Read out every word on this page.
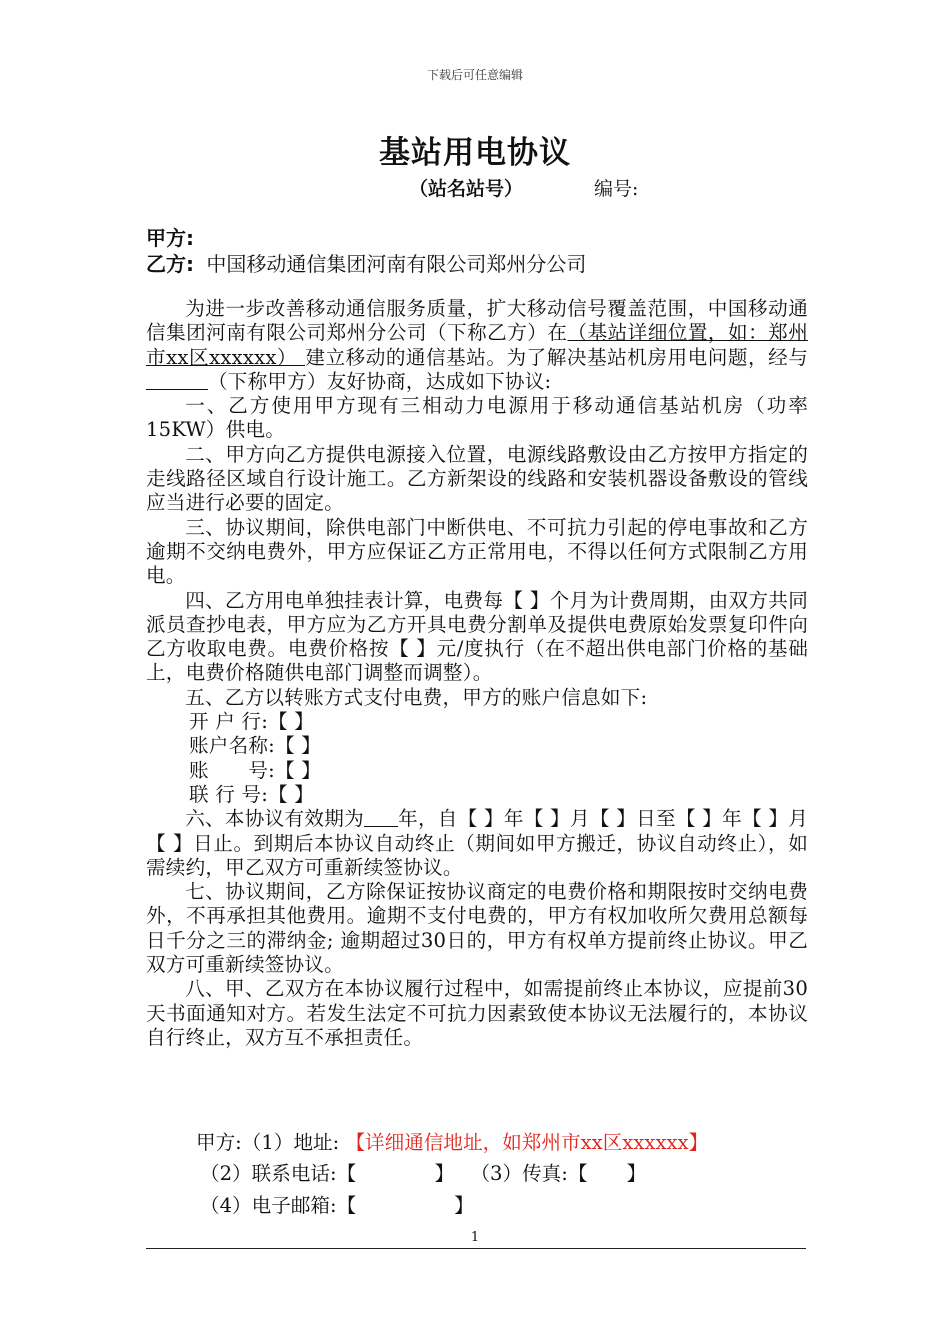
下载后可任意编辑
基站用电协议
（站名站号）	编号:
甲方:
乙方: 中国移动通信集团河南有限公司郑州分公司

为进一步改善移动通信服务质量，扩大移动信号覆盖范围，中国移动通信集团河南有限公司郑州分公司（下称乙方）在（基站详细位置，如：郑州市xx区xxxxxx） 建立移动的通信基站。为了解决基站机房用电问题，经与（下称甲方）友好协商，达成如下协议:

一、乙方使用甲方现有三相动力电源用于移动通信基站机房（功率15KW）供电。

二、甲方向乙方提供电源接入位置，电源线路敷设由乙方按甲方指定的走线路径区域自行设计施工。乙方新架设的线路和安装机器设备敷设的管线应当进行必要的固定。

三、协议期间，除供电部门中断供电、不可抗力引起的停电事故和乙方逾期不交纳电费外，甲方应保证乙方正常用电，不得以任何方式限制乙方用电。

四、乙方用电单独挂表计算，电费每【 】个月为计费周期，由双方共同派员查抄电表，甲方应为乙方开具电费分割单及提供电费原始发票复印件向乙方收取电费。电费价格按【 】元/度执行（在不超出供电部门价格的基础上，电费价格随供电部门调整而调整）。

五、乙方以转账方式支付电费，甲方的账户信息如下:

开 户 行:【 】

账户名称:【 】

账　　号:【 】

联 行 号:【 】

六、本协议有效期为 年，自【 】年【 】月【 】日至【 】年【 】月【 】日止。到期后本协议自动终止（期间如甲方搬迁，协议自动终止），如需续约，甲乙双方可重新续签协议。

七、协议期间，乙方除保证按协议商定的电费价格和期限按时交纳电费外，不再承担其他费用。逾期不支付电费的，甲方有权加收所欠费用总额每日千分之三的滞纳金; 逾期超过30日的，甲方有权单方提前终止协议。甲乙双方可重新续签协议。

八、甲、乙双方在本协议履行过程中，如需提前终止本协议，应提前30天书面通知对方。若发生法定不可抗力因素致使本协议无法履行的，本协议自行终止，双方互不承担责任。

甲方:（1）地址: 【详细通信地址，如郑州市xx区xxxxxx】
（2）联系电话:【　　　　】 （3）传真:【　　】
（4）电子邮箱:【　　　　　】
1
